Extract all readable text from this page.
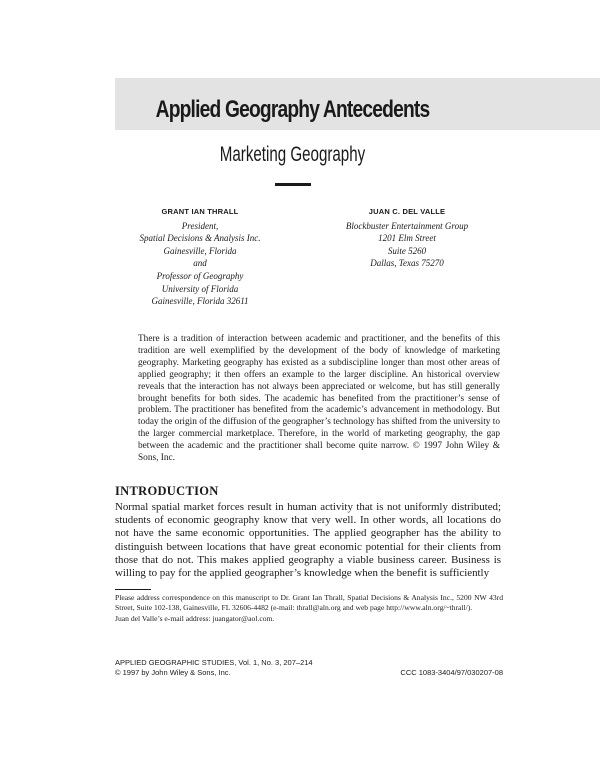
Applied Geography Antecedents
Marketing Geography
GRANT IAN THRALL
President,
Spatial Decisions & Analysis Inc.
Gainesville, Florida
and
Professor of Geography
University of Florida
Gainesville, Florida 32611
JUAN C. DEL VALLE
Blockbuster Entertainment Group
1201 Elm Street
Suite 5260
Dallas, Texas 75270
There is a tradition of interaction between academic and practitioner, and the benefits of this tradition are well exemplified by the development of the body of knowledge of marketing geography. Marketing geography has existed as a subdiscipline longer than most other areas of applied geography; it then offers an example to the larger discipline. An historical overview reveals that the interaction has not always been appreciated or welcome, but has still generally brought benefits for both sides. The academic has benefited from the practitioner’s sense of problem. The practitioner has benefited from the academic’s advancement in methodology. But today the origin of the diffusion of the geographer’s technology has shifted from the university to the larger commercial marketplace. Therefore, in the world of marketing geography, the gap between the academic and the practitioner shall become quite narrow. © 1997 John Wiley & Sons, Inc.
INTRODUCTION
Normal spatial market forces result in human activity that is not uniformly distributed; students of economic geography know that very well. In other words, all locations do not have the same economic opportunities. The applied geographer has the ability to distinguish between locations that have great economic potential for their clients from those that do not. This makes applied geography a viable business career. Business is willing to pay for the applied geographer’s knowledge when the benefit is sufficiently

Please address correspondence on this manuscript to Dr. Grant Ian Thrall, Spatial Decisions & Analysis Inc., 5200 NW 43rd Street, Suite 102-138, Gainesville, FL 32606-4482 (e-mail: thrall@aln.org and web page http://www.aln.org/~thrall/).

Juan del Valle’s e-mail address: juangator@aol.com.

APPLIED GEOGRAPHIC STUDIES, Vol. 1, No. 3, 207–214
© 1997 by John Wiley & Sons, Inc.	CCC 1083-3404/97/030207-08
